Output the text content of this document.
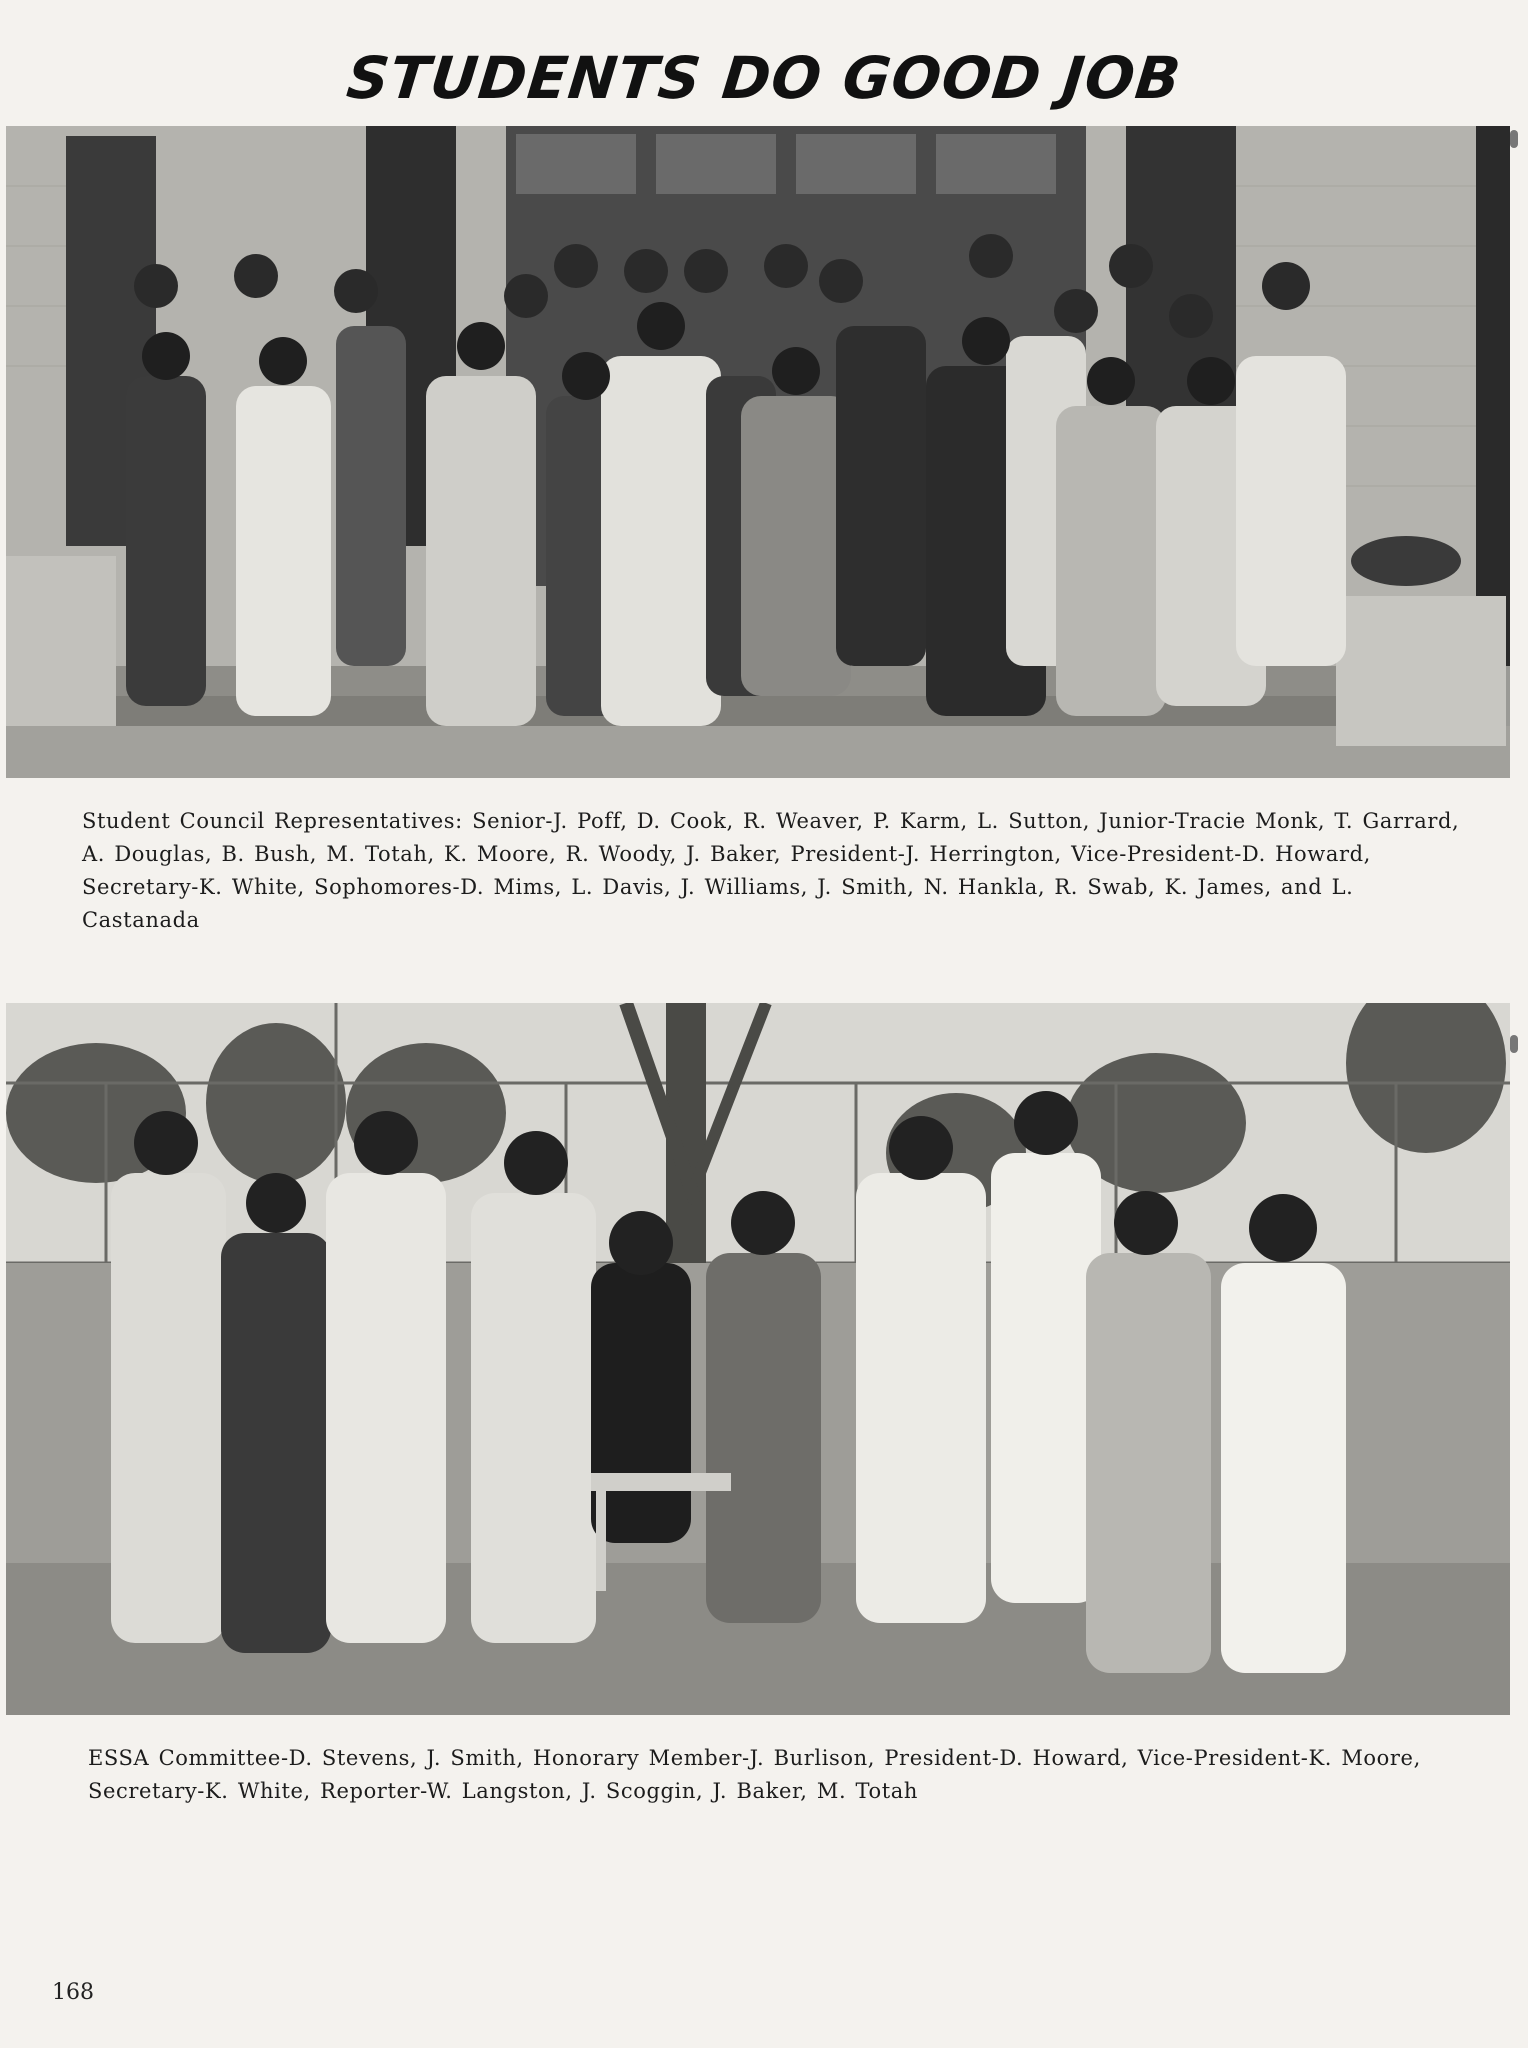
STUDENTS DO GOOD JOB
Student Council Representatives: Senior-J. Poff, D. Cook, R. Weaver, P. Karm, L. Sutton, Junior-Tracie Monk, T. Garrard, A. Douglas, B. Bush, M. Totah, K. Moore, R. Woody, J. Baker, President-J. Herrington, Vice-President-D. Howard, Secretary-K. White, Sophomores-D. Mims, L. Davis, J. Williams, J. Smith, N. Hankla, R. Swab, K. James, and L. Castanada
ESSA Committee-D. Stevens, J. Smith, Honorary Member-J. Burlison, President-D. Howard, Vice-President-K. Moore, Secretary-K. White, Reporter-W. Langston, J. Scoggin, J. Baker, M. Totah
168
